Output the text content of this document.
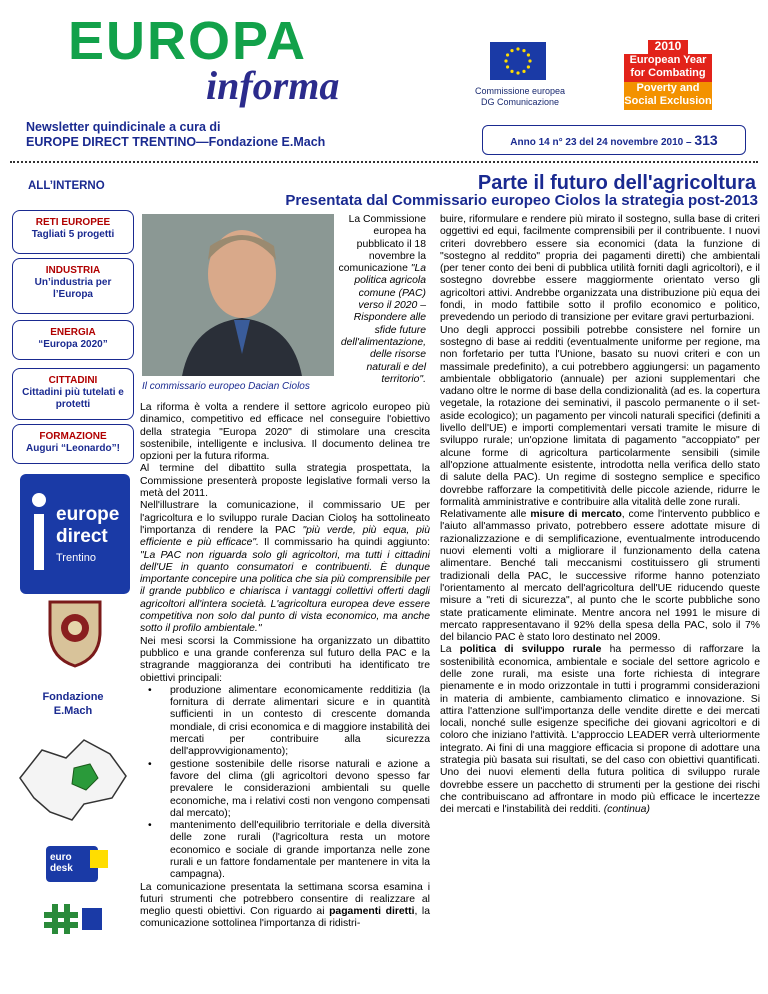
EUROPA
informa	Commissione europea
DG Comunicazione
2010
European Year
for Combating
Poverty and
Social Exclusion
Newsletter quindicinale a cura di
EUROPE DIRECT TRENTINO—Fondazione E.Mach	Anno 14 n° 23 del 24 novembre 2010 – 313
ALL’INTERNO
RETI EUROPEE
Tagliati 5 progetti
INDUSTRIA
Un’industria per l’Europa
ENERGIA
“Europa 2020”
CITTADINI
Cittadini più tutelati e protetti
FORMAZIONE
Auguri “Leonardo”!
europe
direct
Trentino
Fondazione
E.Mach
euro desk
Parte il futuro dell'agricoltura
Presentata dal Commissario europeo Ciolos la strategia post-2013
Il commissario europeo Dacian Ciolos
La Commissione europea ha pubblicato il 18 novembre la comunicazione "La politica agricola comune (PAC) verso il 2020 – Rispondere alle sfide future dell'alimentazione, delle risorse naturali e del territorio".

La riforma è volta a rendere il settore agricolo europeo più dinamico, competitivo ed efficace nel conseguire l'obiettivo della strategia "Europa 2020" di stimolare una crescita sostenibile, intelligente e inclusiva. Il documento delinea tre opzioni per la futura riforma.

Al termine del dibattito sulla strategia prospettata, la Commissione presenterà proposte legislative formali verso la metà del 2011.

Nell'illustrare la comunicazione, il commissario UE per l'agricoltura e lo sviluppo rurale Dacian Cioloş ha sottolineato l'importanza di rendere la PAC "più verde, più equa, più efficiente e più efficace". Il commissario ha quindi aggiunto: "La PAC non riguarda solo gli agricoltori, ma tutti i cittadini dell'UE in quanto consumatori e contribuenti. È dunque importante concepire una politica che sia più comprensibile per il grande pubblico e chiarisca i vantaggi collettivi offerti dagli agricoltori all'intera società. L'agricoltura europea deve essere competitiva non solo dal punto di vista economico, ma anche sotto il profilo ambientale."

Nei mesi scorsi la Commissione ha organizzato un dibattito pubblico e una grande conferenza sul futuro della PAC e la stragrande maggioranza dei contributi ha identificato tre obiettivi principali:

• produzione alimentare economicamente redditizia (la fornitura di derrate alimentari sicure e in quantità sufficienti in un contesto di crescente domanda mondiale, di crisi economica e di maggiore instabilità dei mercati per contribuire alla sicurezza dell'approvvigionamento);
• gestione sostenibile delle risorse naturali e azione a favore del clima (gli agricoltori devono spesso far prevalere le considerazioni ambientali su quelle economiche, ma i relativi costi non vengono compensati dal mercato);
• mantenimento dell'equilibrio territoriale e della diversità delle zone rurali (l'agricoltura resta un motore economico e sociale di grande importanza nelle zone rurali e un fattore fondamentale per mantenere in vita la campagna).

La comunicazione presentata la settimana scorsa esamina i futuri strumenti che potrebbero consentire di realizzare al meglio questi obiettivi. Con riguardo ai pagamenti diretti, la comunicazione sottolinea l'importanza di ridistri-

buire, riformulare e rendere più mirato il sostegno, sulla base di criteri oggettivi ed equi, facilmente comprensibili per il contribuente. I nuovi criteri dovrebbero essere sia economici (data la funzione di "sostegno al reddito" propria dei pagamenti diretti) che ambientali (per tener conto dei beni di pubblica utilità forniti dagli agricoltori), e il sostegno dovrebbe essere maggiormente orientato verso gli agricoltori attivi. Andrebbe organizzata una distribuzione più equa dei fondi, in modo fattibile sotto il profilo economico e politico, prevedendo un periodo di transizione per evitare gravi perturbazioni.

Uno degli approcci possibili potrebbe consistere nel fornire un sostegno di base ai redditi (eventualmente uniforme per regione, ma non forfetario per tutta l'Unione, basato su nuovi criteri e con un massimale predefinito), a cui potrebbero aggiungersi: un pagamento ambientale obbligatorio (annuale) per azioni supplementari che vadano oltre le norme di base della condizionalità (ad es. la copertura vegetale, la rotazione dei seminativi, il pascolo permanente o il set-aside ecologico); un pagamento per vincoli naturali specifici (definiti a livello dell'UE) e importi complementari versati tramite le misure di sviluppo rurale; un'opzione limitata di pagamento "accoppiato" per alcune forme di agricoltura particolarmente sensibili (simile all'opzione attualmente esistente, introdotta nella verifica dello stato di salute della PAC). Un regime di sostegno semplice e specifico dovrebbe rafforzare la competitività delle piccole aziende, ridurre le formalità amministrative e contribuire alla vitalità delle zone rurali.

Relativamente alle misure di mercato, come l'intervento pubblico e l'aiuto all'ammasso privato, potrebbero essere adottate misure di razionalizzazione e di semplificazione, eventualmente introducendo nuovi elementi volti a migliorare il funzionamento della catena alimentare. Benché tali meccanismi costituissero gli strumenti tradizionali della PAC, le successive riforme hanno potenziato l'orientamento al mercato dell'agricoltura dell'UE riducendo queste misure a "reti di sicurezza", al punto che le scorte pubbliche sono state praticamente eliminate. Mentre ancora nel 1991 le misure di mercato rappresentavano il 92% della spesa della PAC, solo il 7% del bilancio PAC è stato loro destinato nel 2009.

La politica di sviluppo rurale ha permesso di rafforzare la sostenibilità economica, ambientale e sociale del settore agricolo e delle zone rurali, ma esiste una forte richiesta di integrare pienamente e in modo orizzontale in tutti i programmi considerazioni in materia di ambiente, cambiamento climatico e innovazione. Si attira l'attenzione sull'importanza delle vendite dirette e dei mercati locali, nonché sulle esigenze specifiche dei giovani agricoltori e di coloro che iniziano l'attività. L'approccio LEADER verrà ulteriormente integrato. Ai fini di una maggiore efficacia si propone di adottare una strategia più basata sui risultati, se del caso con obiettivi quantificati. Uno dei nuovi elementi della futura politica di sviluppo rurale dovrebbe essere un pacchetto di strumenti per la gestione dei rischi che contribuiscano ad affrontare in modo più efficace le incertezze dei mercati e l'instabilità dei redditi. (continua)
